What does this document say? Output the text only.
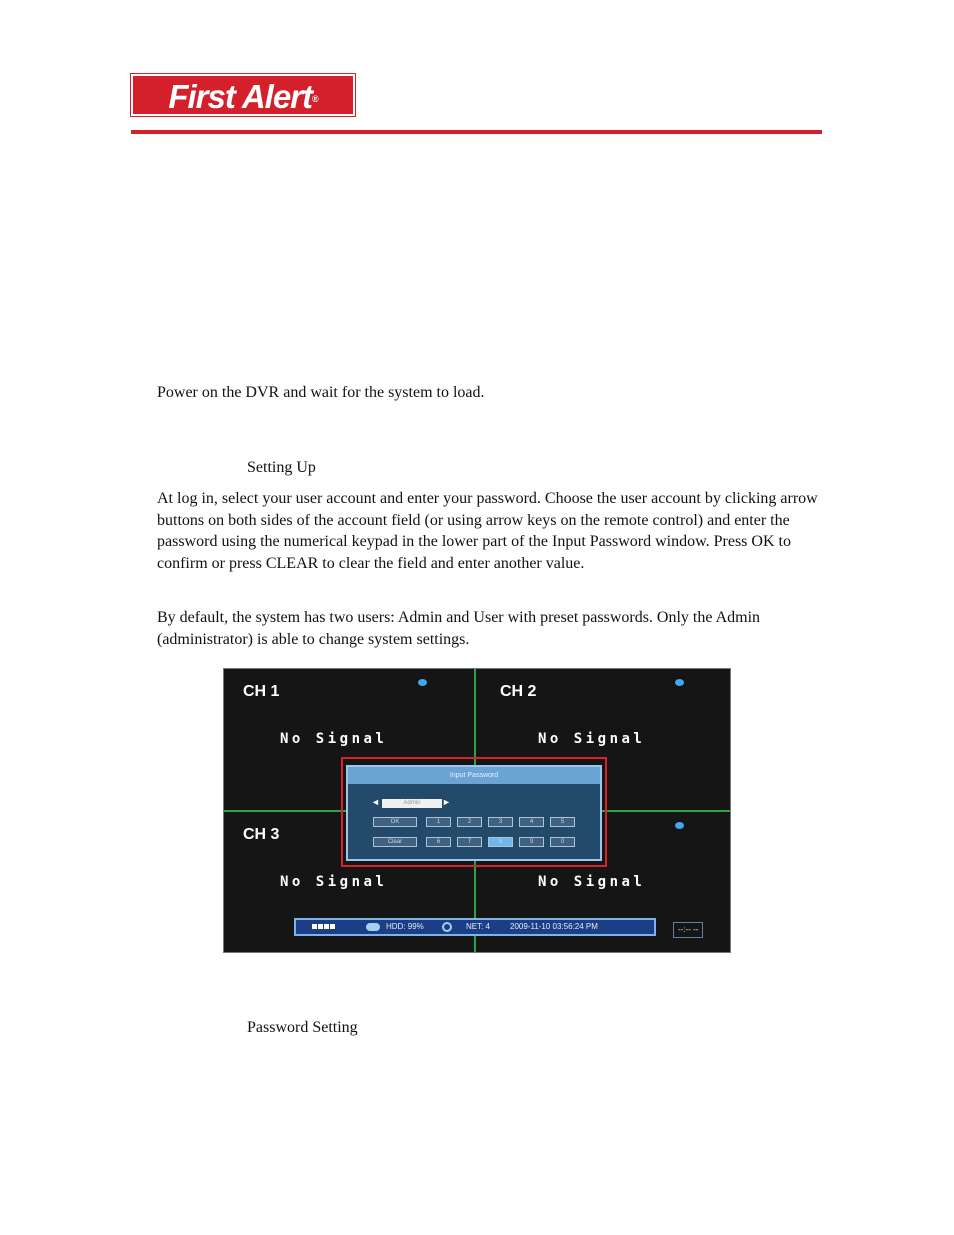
First Alert®
Power on the DVR and wait for the system to load.
Setting Up
At log in, select your user account and enter your password. Choose the user account by clicking arrow buttons on both sides of the account field (or using arrow keys on the remote control) and enter the password using the numerical keypad in the lower part of the Input Password window. Press OK to confirm or press CLEAR to clear the field and enter another value.
By default, the system has two users: Admin and User with preset passwords. Only the Admin (administrator) is able to change system settings.
CH 1	CH 2
CH 3
No Signal	No Signal
No Signal	No Signal
Input Password
◄	Admin	►
OK	1	2	3	4	5
Clear	6	7	8	9	0
HDD: 99%	NET: 4 2009-11-10 03:56:24 PM	--:-- --
Password Setting
